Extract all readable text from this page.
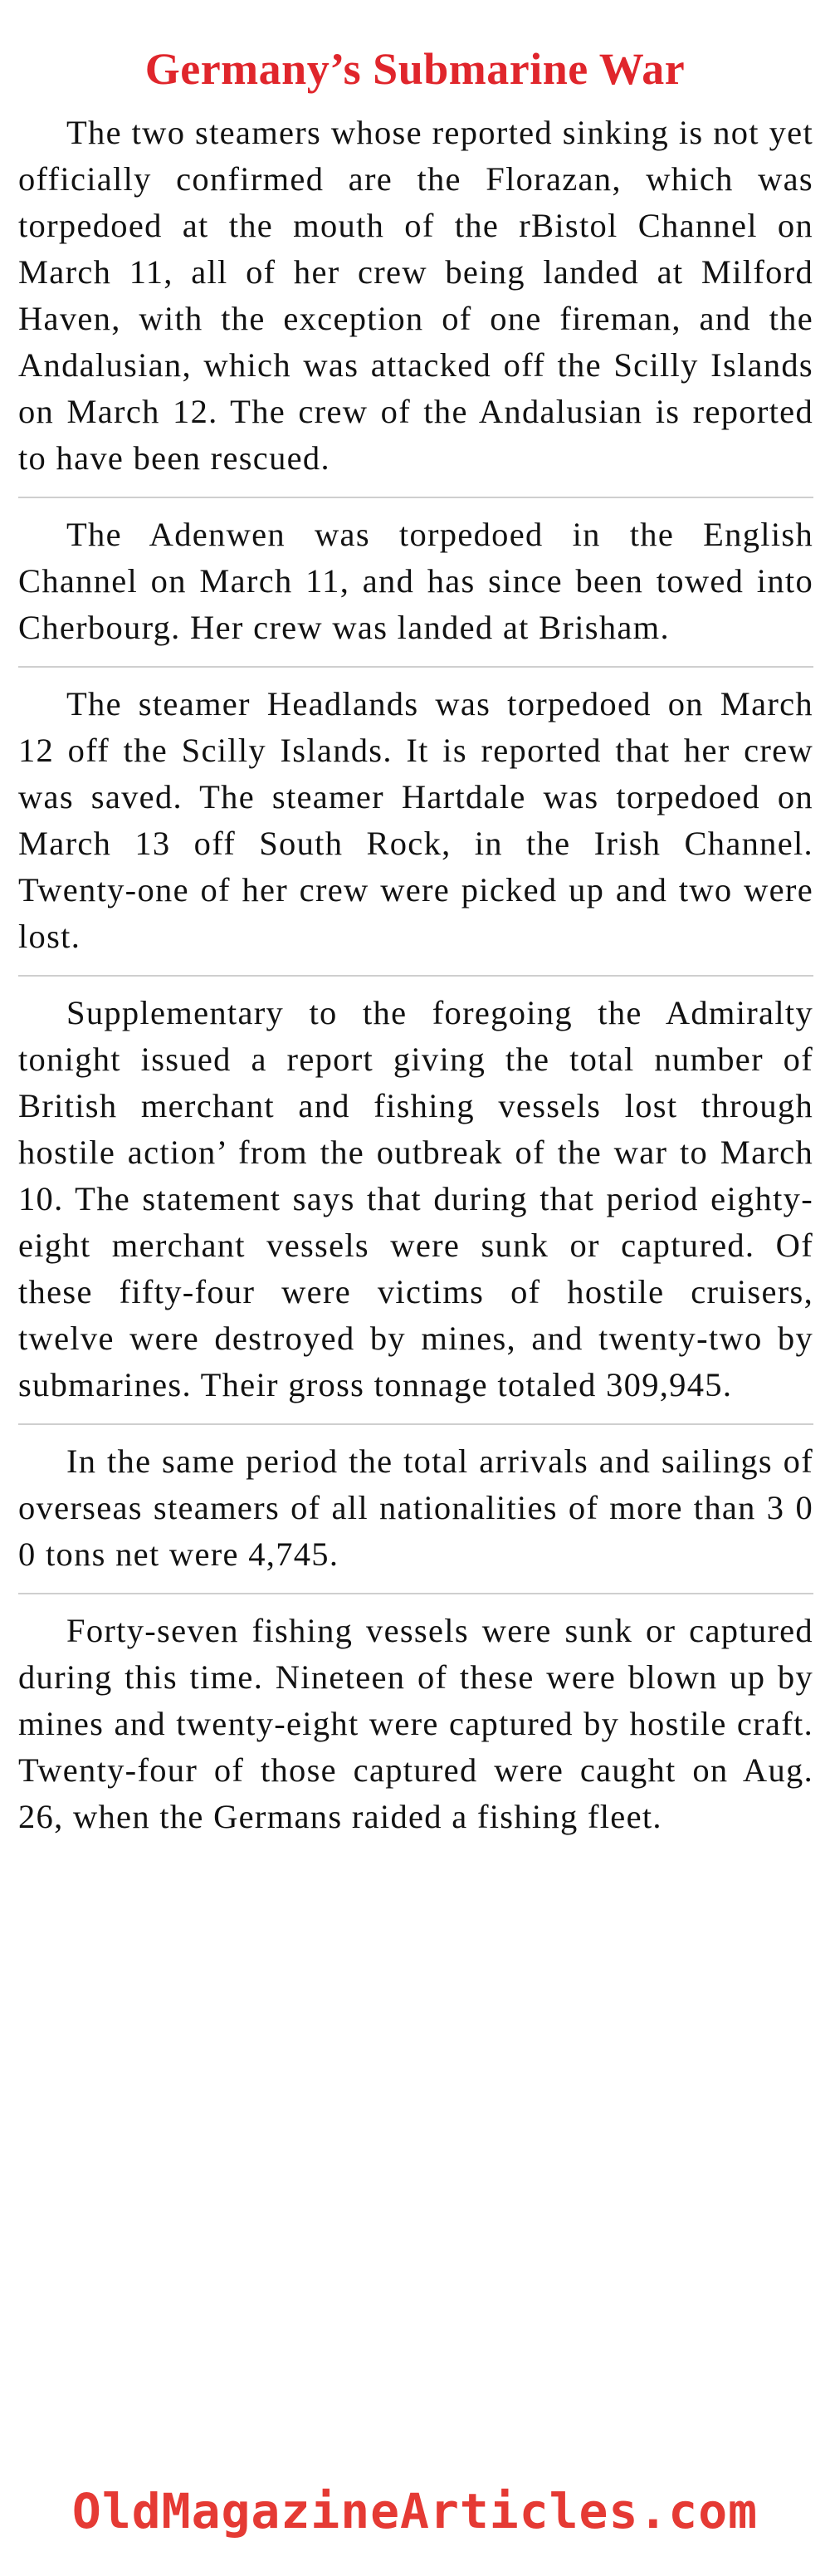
Germany’s Submarine War

The two steamers whose reported sinking is not yet officially confirmed are the Florazan, which was torpedoed at the mouth of the rBistol Channel on March 11, all of her crew being landed at Milford Haven, with the exception of one fireman, and the Andalusian, which was attacked off the Scilly Islands on March 12. The crew of the Andalusian is reported to have been rescued.

The Adenwen was torpedoed in the English Channel on March 11, and has since been towed into Cherbourg. Her crew was landed at Brisham.

The steamer Headlands was torpedoed on March 12 off the Scilly Islands. It is reported that her crew was saved. The steamer Hartdale was torpedoed on March 13 off South Rock, in the Irish Channel. Twenty-one of her crew were picked up and two were lost.

Supplementary to the foregoing the Admiralty tonight issued a report giving the total number of British merchant and fishing vessels lost through hostile action’ from the outbreak of the war to March 10. The statement says that during that period eighty-eight merchant vessels were sunk or captured. Of these fifty-four were victims of hostile cruisers, twelve were destroyed by mines, and twenty-two by submarines. Their gross tonnage totaled 309,945.

In the same period the total arrivals and sailings of overseas steamers of all nationalities of more than 3 0 0 tons net were 4,745.

Forty-seven fishing vessels were sunk or captured during this time. Nineteen of these were blown up by mines and twenty-eight were captured by hostile craft. Twenty-four of those captured were caught on Aug. 26, when the Germans raided a fishing fleet.

OldMagazineArticles.com
